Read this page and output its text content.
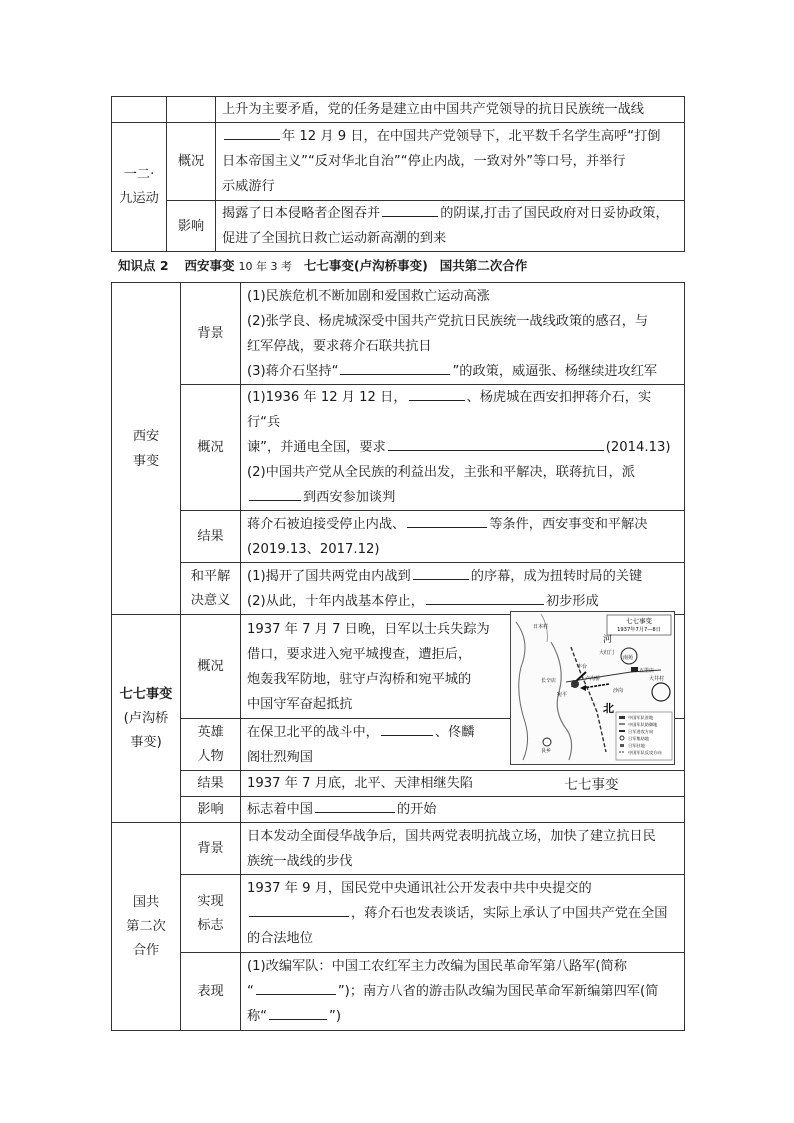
		上升为主要矛盾，党的任务是建立由中国共产党领导的抗日民族统一战线
一二·
九运动	概况	年 12 月 9 日，在中国共产党领导下，北平数千名学生高呼“打倒
日本帝国主义”“反对华北自治”“停止内战，一致对外”等口号，并举行
示威游行
	影响	揭露了日本侵略者企图吞并 的阴谋,打击了国民政府对日妥协政策，
促进了全国抗日救亡运动新高潮的到来
知识点 2 西安事变 10 年 3 考 七七事变(卢沟桥事变) 国共第二次合作
西安
事变	背景	(1)民族危机不断加剧和爱国救亡运动高涨
(2)张学良、杨虎城深受中国共产党抗日民族统一战线政策的感召，与
红军停战，要求蒋介石联共抗日
(3)蒋介石坚持“ ”的政策，威逼张、杨继续进攻红军
	概况	(1)1936 年 12 月 12 日， 、杨虎城在西安扣押蒋介石，实行“兵
谏”，并通电全国，要求 (2014.13)
(2)中国共产党从全民族的利益出发，主张和平解决，联蒋抗日，派
到西安参加谈判
	结果	蒋介石被迫接受停止内战、 等条件，西安事变和平解决
(2019.13、2017.12)
	和平解
决意义	(1)揭开了国共两党由内战到 的序幕，成为扭转时局的关键
(2)从此，十年内战基本停止， 初步形成
七七事变
(卢沟桥
事变)	概况	1937 年 7 月 7 日晚，日军以士兵失踪为
借口，要求进入宛平城搜查，遭拒后，
炮轰我军防地，驻守卢沟桥和宛平城的
中国守军奋起抵抗
	英雄
人物	在保卫北平的战斗中， 、佟麟
阁壮烈殉国
	结果	1937 年 7 月底，北平、天津相继失陷
	影响	标志着中国 的开始
国共
第二次
合作	背景	日本发动全面侵华战争后，国共两党表明抗战立场，加快了建立抗日民
族统一战线的步伐
	实现
标志	1937 年 9 月，国民党中央通讯社公开发表中共中央提交的
，蒋介石也发表谈话，实际上承认了中国共产党在全国
的合法地位
	表现	(1)改编军队：中国工农红军主力改编为国民革命军第八路军(简称
“ ”)；南方八省的游击队改编为国民革命军新编第四军(简
称“ ”)
七七事变
1937年7月7—8日
河
北
日本村
大红门
南苑
五里店
卢沟桥
丰台
长辛店
宛平
大井村
沙岗
良乡
中国军队驻地
中国军队防御地
日军进攻方向
日军集结地
日军驻地
中国军队反攻方向
七七事变
